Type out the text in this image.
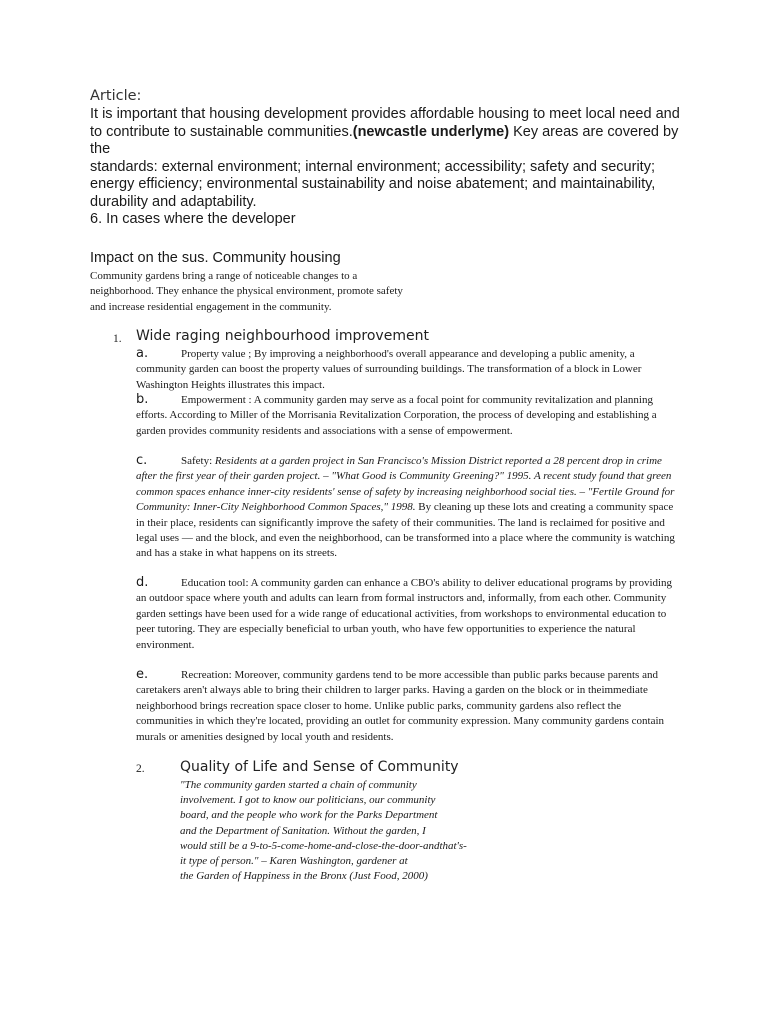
Article:

It is important that housing development provides affordable housing to meet local need and to contribute to sustainable communities.(newcastle underlyme) Key areas are covered by the

standards: external environment; internal environment; accessibility; safety and security; energy efficiency; environmental sustainability and noise abatement; and maintainability, durability and adaptability.

6. In cases where the developer

Impact on the sus. Community housing
Community gardens bring a range of noticeable changes to a neighborhood. They enhance the physical environment, promote safety and increase residential engagement in the community.
1. Wide raging neighbourhood improvement
a.	Property value ; By improving a neighborhood's overall appearance and developing a public amenity, a community garden can boost the property values of surrounding buildings. The transformation of a block in Lower Washington Heights illustrates this impact.
b.	Empowerment : A community garden may serve as a focal point for community revitalization and planning efforts. According to Miller of the Morrisania Revitalization Corporation, the process of developing and establishing a garden provides community residents and associations with a sense of empowerment.
c.	Safety: Residents at a garden project in San Francisco's Mission District reported a 28 percent drop in crime after the first year of their garden project. – "What Good is Community Greening?" 1995. A recent study found that green common spaces enhance inner-city residents' sense of safety by increasing neighborhood social ties. – "Fertile Ground for Community: Inner-City Neighborhood Common Spaces," 1998. By cleaning up these lots and creating a community space in their place, residents can significantly improve the safety of their communities. The land is reclaimed for positive and legal uses — and the block, and even the neighborhood, can be transformed into a place where the community is watching and has a stake in what happens on its streets.
d.	Education tool: A community garden can enhance a CBO's ability to deliver educational programs by providing an outdoor space where youth and adults can learn from formal instructors and, informally, from each other. Community garden settings have been used for a wide range of educational activities, from workshops to environmental education to peer tutoring. They are especially beneficial to urban youth, who have few opportunities to experience the natural environment.
e.	Recreation: Moreover, community gardens tend to be more accessible than public parks because parents and caretakers aren't always able to bring their children to larger parks. Having a garden on the block or in theimmediate neighborhood brings recreation space closer to home. Unlike public parks, community gardens also reflect the communities in which they're located, providing an outlet for community expression. Many community gardens contain murals or amenities designed by local youth and residents.
2.	Quality of Life and Sense of Community
"The community garden started a chain of community
involvement. I got to know our politicians, our community
board, and the people who work for the Parks Department
and the Department of Sanitation. Without the garden, I
would still be a 9-to-5-come-home-and-close-the-door-andthat's-
it type of person." – Karen Washington, gardener at
the Garden of Happiness in the Bronx (Just Food, 2000)
